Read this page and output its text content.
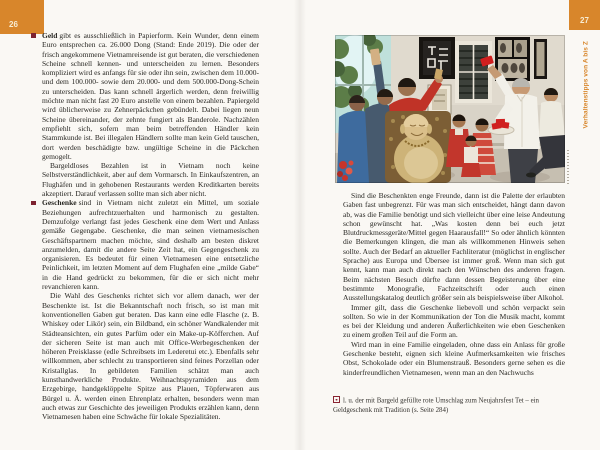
26

Geld gibt es ausschließlich in Papierform. Kein Wunder, denn einem Euro entsprechen ca. 26.000 Dong (Stand: Ende 2019). Die oder der frisch angekommene Vietnamreisende ist gut beraten, die verschiedenen Scheine schnell kennen- und unterscheiden zu lernen. Besonders kompliziert wird es anfangs für sie oder ihn sein, zwischen dem 10.000- und dem 100.000- sowie dem 20.000- und dem 500.000-Dong-Schein zu unterscheiden. Das kann schnell ärgerlich werden, denn freiwillig möchte man nicht fast 20 Euro anstelle von einem bezahlen. Papiergeld wird üblicherweise zu Zehnerpäckchen gebündelt. Dabei liegen neun Scheine übereinander, der zehnte fungiert als Banderole. Nachzählen empfiehlt sich, sofern man beim betreffenden Händler kein Stammkunde ist. Bei illegalen Händlern sollte man kein Geld tauschen, dort werden beschädigte bzw. ungültige Scheine in die Päckchen gemogelt.

Bargeldloses Bezahlen ist in Vietnam noch keine Selbstverständlichkeit, aber auf dem Vormarsch. In Einkaufszentren, an Flughäfen und in gehobenen Restaurants werden Kreditkarten bereits akzeptiert. Darauf verlassen sollte man sich aber nicht.

Geschenke sind in Vietnam nicht zuletzt ein Mittel, um soziale Beziehungen aufrechtzuerhalten und harmonisch zu gestalten. Demzufolge verlangt fast jedes Geschenk eine dem Wert und Anlass gemäße Gegengabe. Geschenke, die man seinen vietnamesischen Geschäftspartnern machen möchte, sind deshalb am besten diskret anzumelden, damit die andere Seite Zeit hat, ein Gegengeschenk zu organisieren. Es bedeutet für einen Vietnamesen eine entsetzliche Peinlichkeit, im letzten Moment auf dem Flughafen eine „milde Gabe“ in die Hand gedrückt zu bekommen, für die er sich nicht mehr revanchieren kann.

Die Wahl des Geschenks richtet sich vor allem danach, wer der Beschenkte ist. Ist die Bekanntschaft noch frisch, so ist man mit konventionellen Gaben gut beraten. Das kann eine edle Flasche (z. B. Whiskey oder Likör) sein, ein Bildband, ein schöner Wandkalender mit Städteansichten, ein gutes Parfüm oder ein Make-up-Köfferchen. Auf der sicheren Seite ist man auch mit Office-Werbegeschenken der höheren Preisklasse (edle Schreibsets im Lederetui etc.). Ebenfalls sehr willkommen, aber schlecht zu transportieren sind feines Porzellan oder Kristallglas. In gebildeten Familien schätzt man auch kunsthandwerkliche Produkte. Weihnachtspyramiden aus dem Erzgebirge, handgeklöppelte Spitze aus Plauen, Töpferwaren aus Bürgel u. Ä. werden einen Ehrenplatz erhalten, besonders wenn man auch etwas zur Geschichte des jeweiligen Produkts erzählen kann, denn Vietnamesen haben eine Schwäche für lokale Spezialitäten.

27
Verhaltenstipps von A bis Z

Sind die Beschenkten enge Freunde, dann ist die Palette der erlaubten Gaben fast unbegrenzt. Für was man sich entscheidet, hängt dann davon ab, was die Familie benötigt und sich vielleicht über eine leise Andeutung schon gewünscht hat. „Was kosten denn bei euch jetzt Blutdruckmessgeräte/Mittel gegen Haarausfall!“ So oder ähnlich könnten die Bemerkungen klingen, die man als willkommenen Hinweis sehen sollte. Auch der Bedarf an aktueller Fachliteratur (möglichst in englischer Sprache) aus Europa und Übersee ist immer groß. Wenn man sich gut kennt, kann man auch direkt nach den Wünschen des anderen fragen. Beim nächsten Besuch dürfte dann dessen Begeisterung über eine bestimmte Monografie, Fachzeitschrift oder auch einen Ausstellungskatalog deutlich größer sein als beispielsweise über Alkohol.

Immer gilt, dass die Geschenke liebevoll und schön verpackt sein sollten. So wie in der Kommunikation der Ton die Musik macht, kommt es bei der Kleidung und anderen Äußerlichkeiten wie eben Geschenken zu einem großen Teil auf die Form an.

Wird man in eine Familie eingeladen, ohne dass ein Anlass für große Geschenke besteht, eignen sich kleine Aufmerksamkeiten wie frisches Obst, Schokolade oder ein Blumenstrauß. Besonders gerne sehen es die kinderfreundlichen Vietnamesen, wenn man an den Nachwuchs

l. u. der mit Bargeld gefüllte rote Umschlag zum Neujahrsfest Tet – ein Geldgeschenk mit Tradition (s. Seite 284)
